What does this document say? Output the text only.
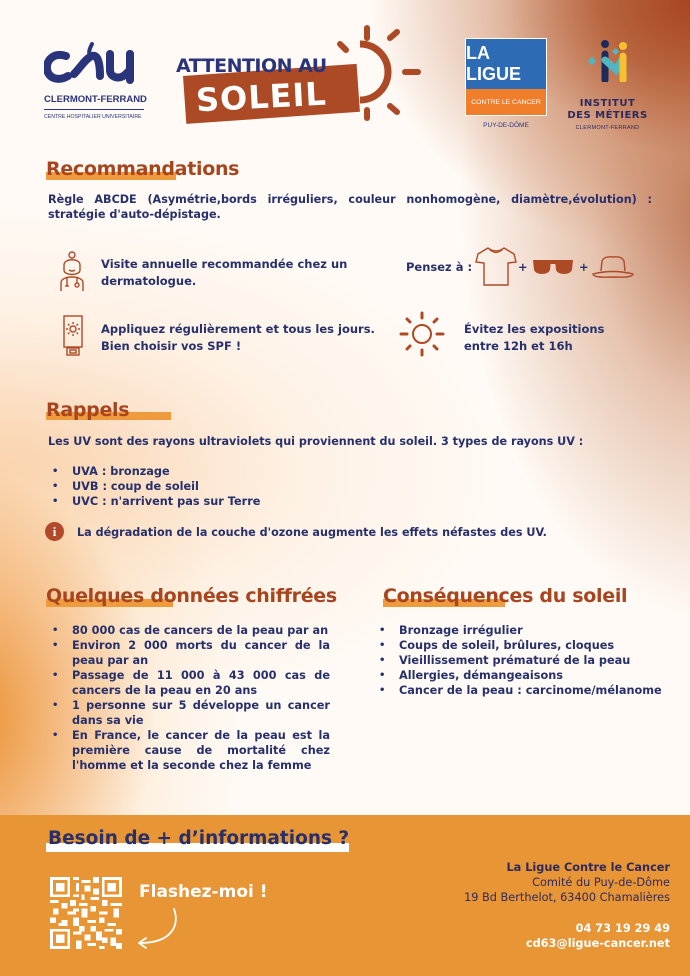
CLERMONT-FERRAND
CENTRE HOSPITALIER UNIVERSITAIRE
ATTENTION AU
SOLEIL
LA LIGUE
CONTRE LE CANCER
PUY-DE-DÔME
INSTITUT
DES MÉTIERS
CLERMONT-FERRAND
Recommandations
Règle ABCDE (Asymétrie,bords irréguliers, couleur nonhomogène, diamètre,évolution) : stratégie d'auto-dépistage.
Visite annuelle recommandée chez un dermatologue.
Appliquez régulièrement et tous les jours. Bien choisir vos SPF !
Pensez à :	+	+
Évitez les expositions entre 12h et 16h
Rappels
Les UV sont des rayons ultraviolets qui proviennent du soleil. 3 types de rayons UV :
• UVA : bronzage
• UVB : coup de soleil
• UVC : n'arrivent pas sur Terre
i	La dégradation de la couche d'ozone augmente les effets néfastes des UV.
Quelques données chiffrées
• 80 000 cas de cancers de la peau par an
• Environ 2 000 morts du cancer de la peau par an
• Passage de 11 000 à 43 000 cas de cancers de la peau en 20 ans
• 1 personne sur 5 développe un cancer dans sa vie
• En France, le cancer de la peau est la première cause de mortalité chez l'homme et la seconde chez la femme
Conséquences du soleil
• Bronzage irrégulier
• Coups de soleil, brûlures, cloques
• Vieillissement prématuré de la peau
• Allergies, démangeaisons
• Cancer de la peau : carcinome/mélanome
Besoin de + d’informations ?
Flashez-moi !
La Ligue Contre le Cancer
Comité du Puy-de-Dôme
19 Bd Berthelot, 63400 Chamalières
04 73 19 29 49
cd63@ligue-cancer.net
